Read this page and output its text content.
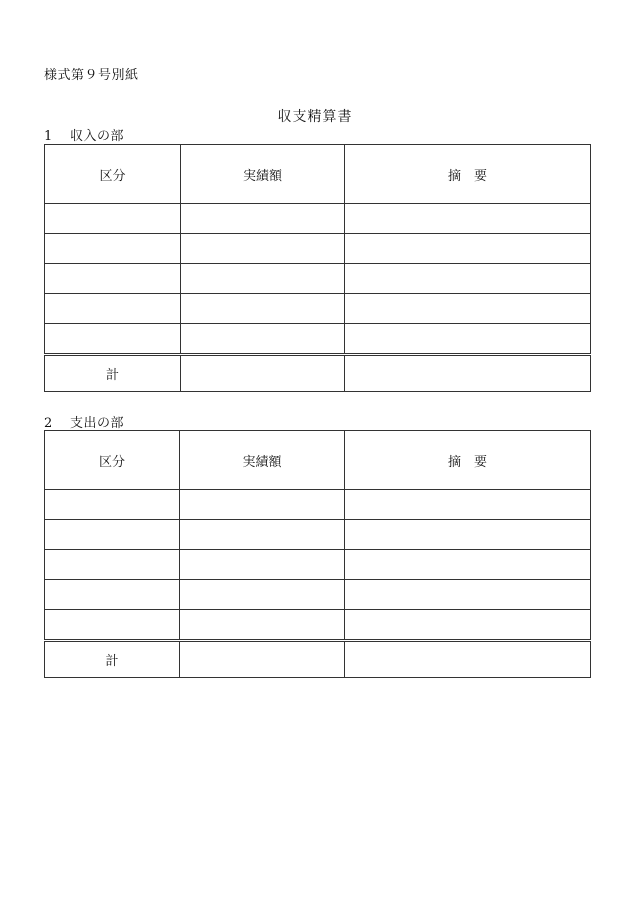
様式第９号別紙
収支精算書
1 収入の部
区分	実績額	摘　要

計		
2 支出の部
区分	実績額	摘　要

計		
